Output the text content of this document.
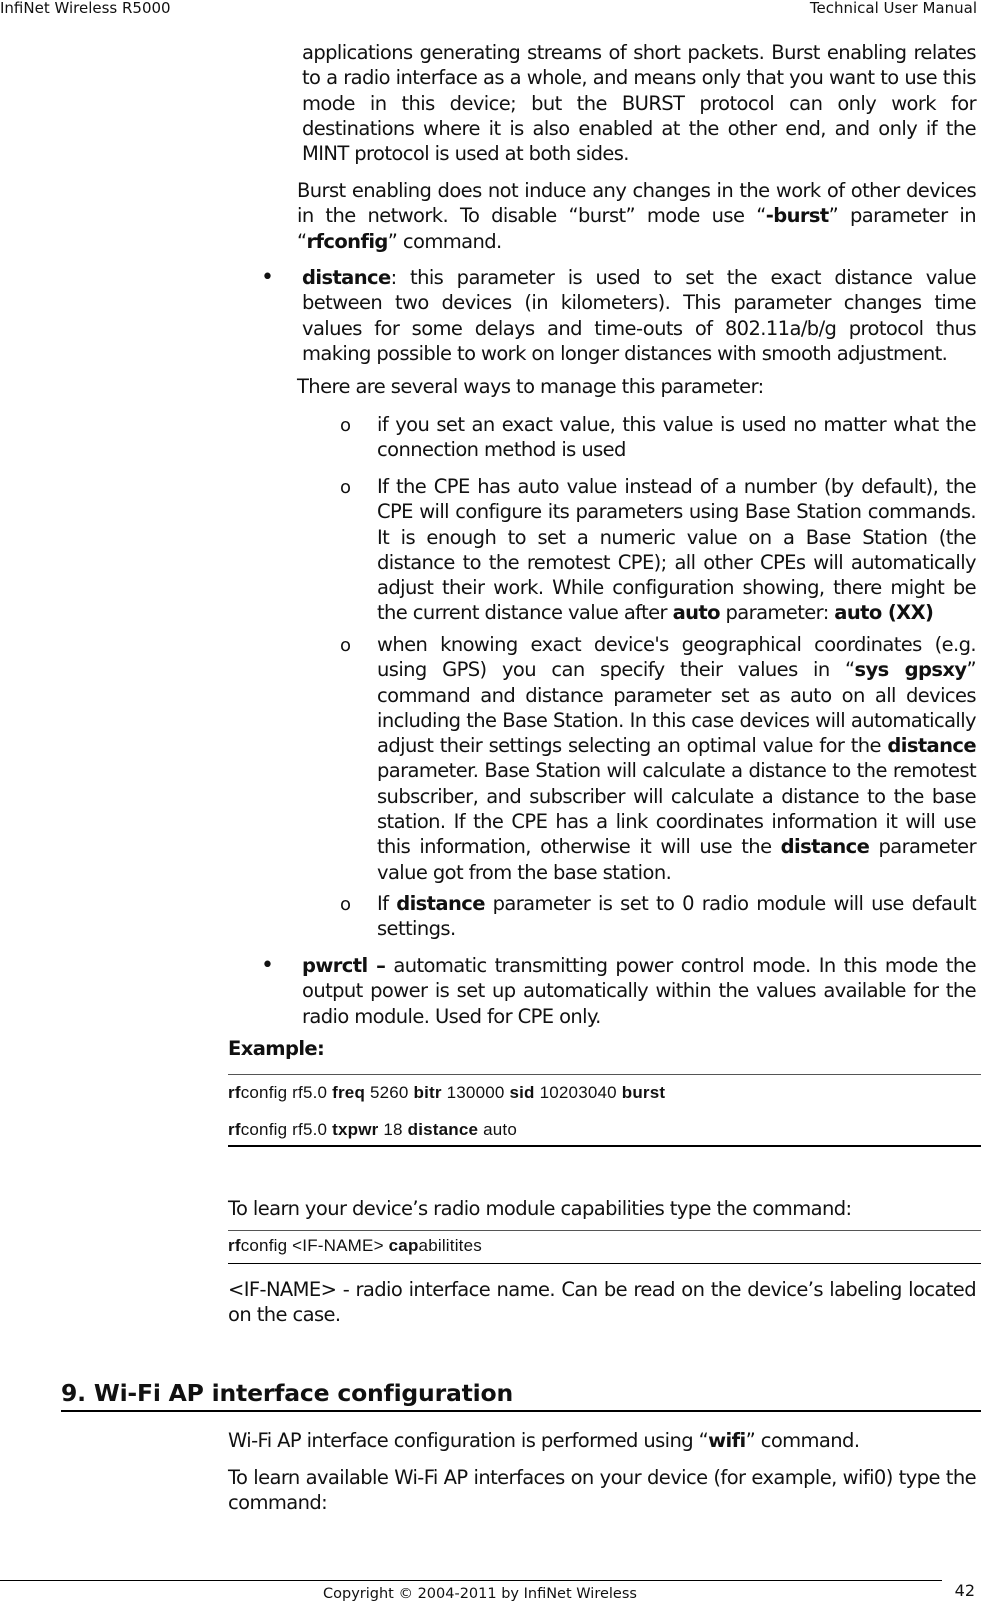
InfiNet Wireless R5000	Technical User Manual

applications generating streams of short packets. Burst enabling relates to a radio interface as a whole, and means only that you want to use this mode in this device; but the BURST protocol can only work for destinations where it is also enabled at the other end, and only if the MINT protocol is used at both sides.

Burst enabling does not induce any changes in the work of other devices in the network. To disable “burst” mode use “-burst” parameter in “rfconfig” command.

• distance: this parameter is used to set the exact distance value between two devices (in kilometers). This parameter changes time values for some delays and time-outs of 802.11a/b/g protocol thus making possible to work on longer distances with smooth adjustment.

There are several ways to manage this parameter:

o if you set an exact value, this value is used no matter what the connection method is used

o If the CPE has auto value instead of a number (by default), the CPE will configure its parameters using Base Station commands. It is enough to set a numeric value on a Base Station (the distance to the remotest CPE); all other CPEs will automatically adjust their work. While configuration showing, there might be the current distance value after auto parameter: auto (XX)

o when knowing exact device's geographical coordinates (e.g. using GPS) you can specify their values in “sys gpsxy” command and distance parameter set as auto on all devices including the Base Station. In this case devices will automatically adjust their settings selecting an optimal value for the distance parameter. Base Station will calculate a distance to the remotest subscriber, and subscriber will calculate a distance to the base station. If the CPE has a link coordinates information it will use this information, otherwise it will use the distance parameter value got from the base station.

o If distance parameter is set to 0 radio module will use default settings.

• pwrctl – automatic transmitting power control mode. In this mode the output power is set up automatically within the values available for the radio module. Used for CPE only.

Example:

rfconfig rf5.0 freq 5260 bitr 130000 sid 10203040 burst
rfconfig rf5.0 txpwr 18 distance auto

To learn your device’s radio module capabilities type the command:

rfconfig <IF-NAME> capabilitites

<IF-NAME> - radio interface name. Can be read on the device’s labeling located on the case.

9. Wi-Fi AP interface configuration

Wi-Fi AP interface configuration is performed using “wifi” command.

To learn available Wi-Fi AP interfaces on your device (for example, wifi0) type the command:

Copyright © 2004-2011 by InfiNet Wireless	42
